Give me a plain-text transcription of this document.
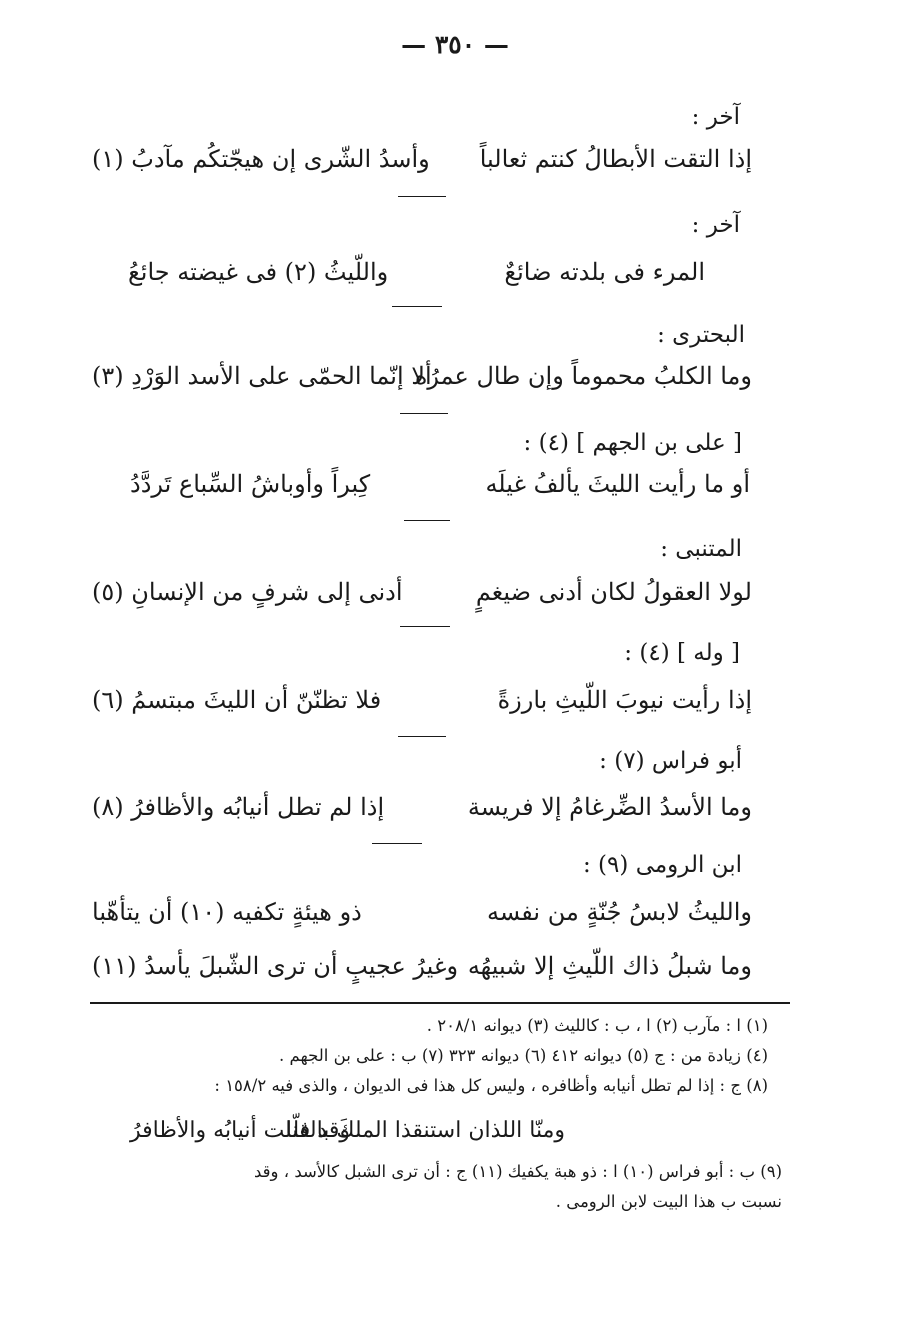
— ٣٥٠ —
آخر :
إذا التقت الأبطالُ كنتم ثعالباً
وأسدُ الشّرى إن هيجّتكُم مآدبُ (١)
آخر :
المرء فى بلدته ضائعٌ
واللّيثُ (٢) فى غيضته جائعُ
البحترى :
وما الكلبُ محموماً وإن طال عمرُه
ألا إنّما الحمّى على الأسد الوَرْدِ (٣)
[ على بن الجهم ] (٤) :
أو ما رأيت الليثَ يألفُ غيلَه
كِبراً وأوباشُ السِّباع تَردَّدُ
المتنبى :
لولا العقولُ لكان أدنى ضيغمٍ
أدنى إلى شرفٍ من الإنسانِ (٥)
[ وله ] (٤) :
إذا رأيت نيوبَ اللّيثِ بارزةً
فلا تظنّنّ أن الليثَ مبتسمُ (٦)
أبو فراس (٧) :
وما الأسدُ الضِّرغامُ إلا فريسة
إذا لم تطل أنيابُه والأظافرُ (٨)
ابن الرومى (٩) :
والليثُ لابسُ جُنّةٍ من نفسه
ذو هيئةٍ تكفيه (١٠) أن يتأهّبا
وما شبلُ ذاك اللّيثِ إلا شبيهُه
وغيرُ عجيبٍ أن ترى الشّبلَ يأسدُ (١١)
(١) ا : مآرب (٢) ا ، ب : كالليث (٣) ديوانه ٢٠٨/١ .
(٤) زيادة من : ج (٥) ديوانه ٤١٢ (٦) ديوانه ٣٢٣ (٧) ب : على بن الجهم .
(٨) ج : إذا لم تطل أنيابه وأظافره ، وليس كل هذا فى الديوان ، والذى فيه ١٥٨/٢ :
ومنّا اللذان استنقذا الملكَ بالقنا
وقد فلّلت أنيابُه والأظافرُ
(٩) ب : أبو فراس (١٠) ا : ذو هبة يكفيك (١١) ج : أن ترى الشبل كالأسد ، وقد
نسبت ب هذا البيت لابن الرومى .
